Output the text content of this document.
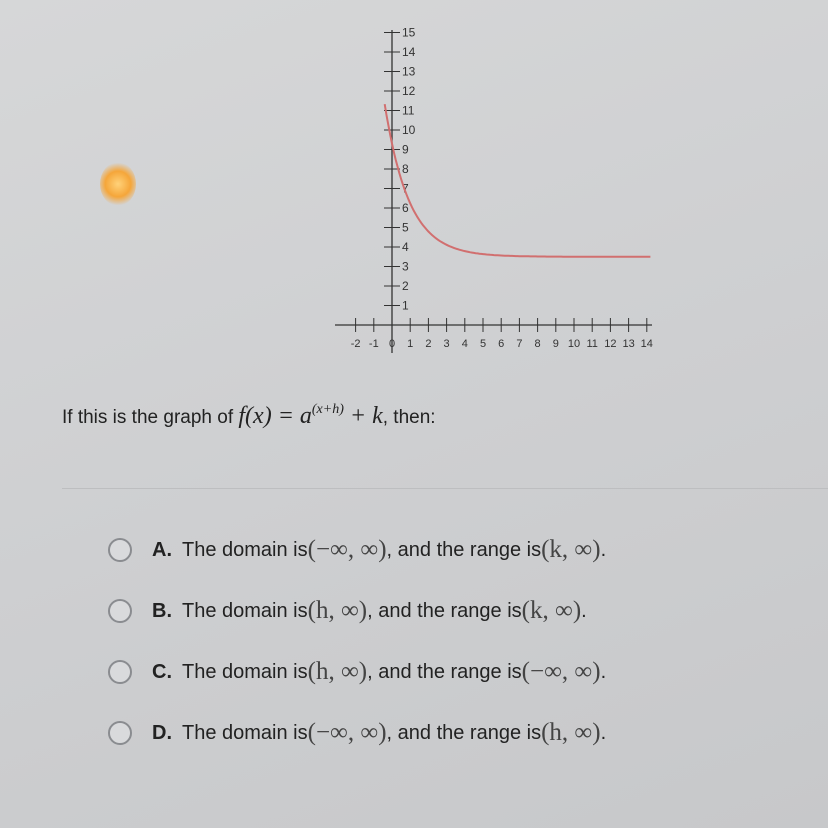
1
2
3
4
5
6
7
8
9
10
11
12
13
14
15
-2 -1 0 1 2 3 4 5 6 7 8 9 10 11 12 13 14
If this is the graph of $f(x) = a^{(x+h)} + k$, then:
A. The domain is (−∞, ∞) , and the range is (k, ∞) .
B. The domain is (h, ∞) , and the range is (k, ∞) .
C. The domain is (h, ∞) , and the range is (−∞, ∞) .
D. The domain is (−∞, ∞) , and the range is (h, ∞) .
